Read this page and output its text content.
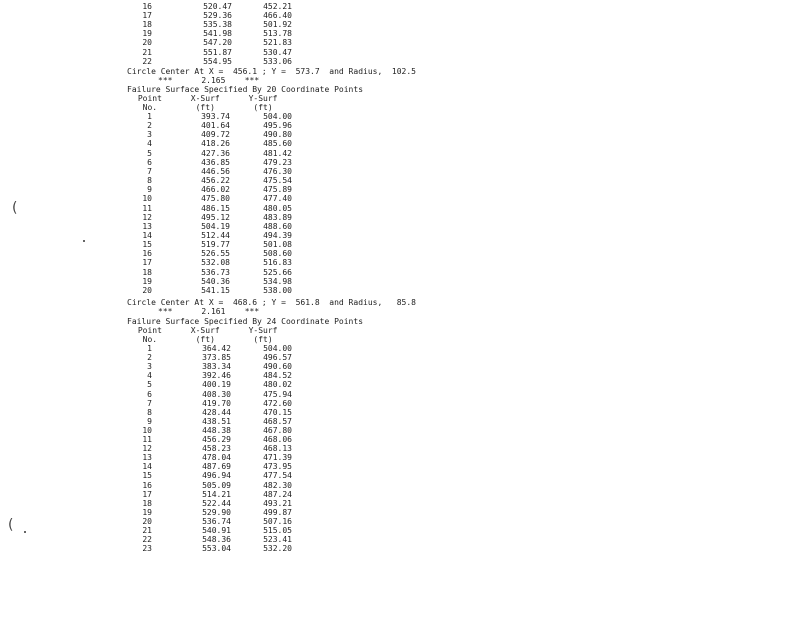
16	520.47	452.21
17	529.36	466.40
18	535.38	501.92
19	541.98	513.78
20	547.20	521.83
21	551.87	530.47
22	554.95	533.06
Circle Center At X =  456.1 ; Y =  573.7  and Radius,  102.5
***      2.165    ***
Failure Surface Specified By 20 Coordinate Points
Point      X-Surf      Y-Surf
No.        (ft)        (ft)
1	393.74	504.00
2	401.64	495.96
3	409.72	490.80
4	418.26	485.60
5	427.36	481.42
6	436.85	479.23
7	446.56	476.30
8	456.22	475.54
9	466.02	475.89
10	475.80	477.40
11	486.15	480.05
12	495.12	483.89
13	504.19	488.60
14	512.44	494.39
15	519.77	501.08
16	526.55	508.60
17	532.08	516.83
18	536.73	525.66
19	540.36	534.98
20	541.15	538.00
Circle Center At X =  468.6 ; Y =  561.8  and Radius,   85.8
***      2.161    ***
Failure Surface Specified By 24 Coordinate Points
Point      X-Surf      Y-Surf
No.        (ft)        (ft)
1	364.42	504.00
2	373.85	496.57
3	383.34	490.60
4	392.46	484.52
5	400.19	480.02
6	408.30	475.94
7	419.70	472.60
8	428.44	470.15
9	438.51	468.57
10	448.38	467.80
11	456.29	468.06
12	458.23	468.13
13	478.04	471.39
14	487.69	473.95
15	496.94	477.54
16	505.09	482.30
17	514.21	487.24
18	522.44	493.21
19	529.90	499.87
20	536.74	507.16
21	540.91	515.05
22	548.36	523.41
23	553.04	532.20
(
(
